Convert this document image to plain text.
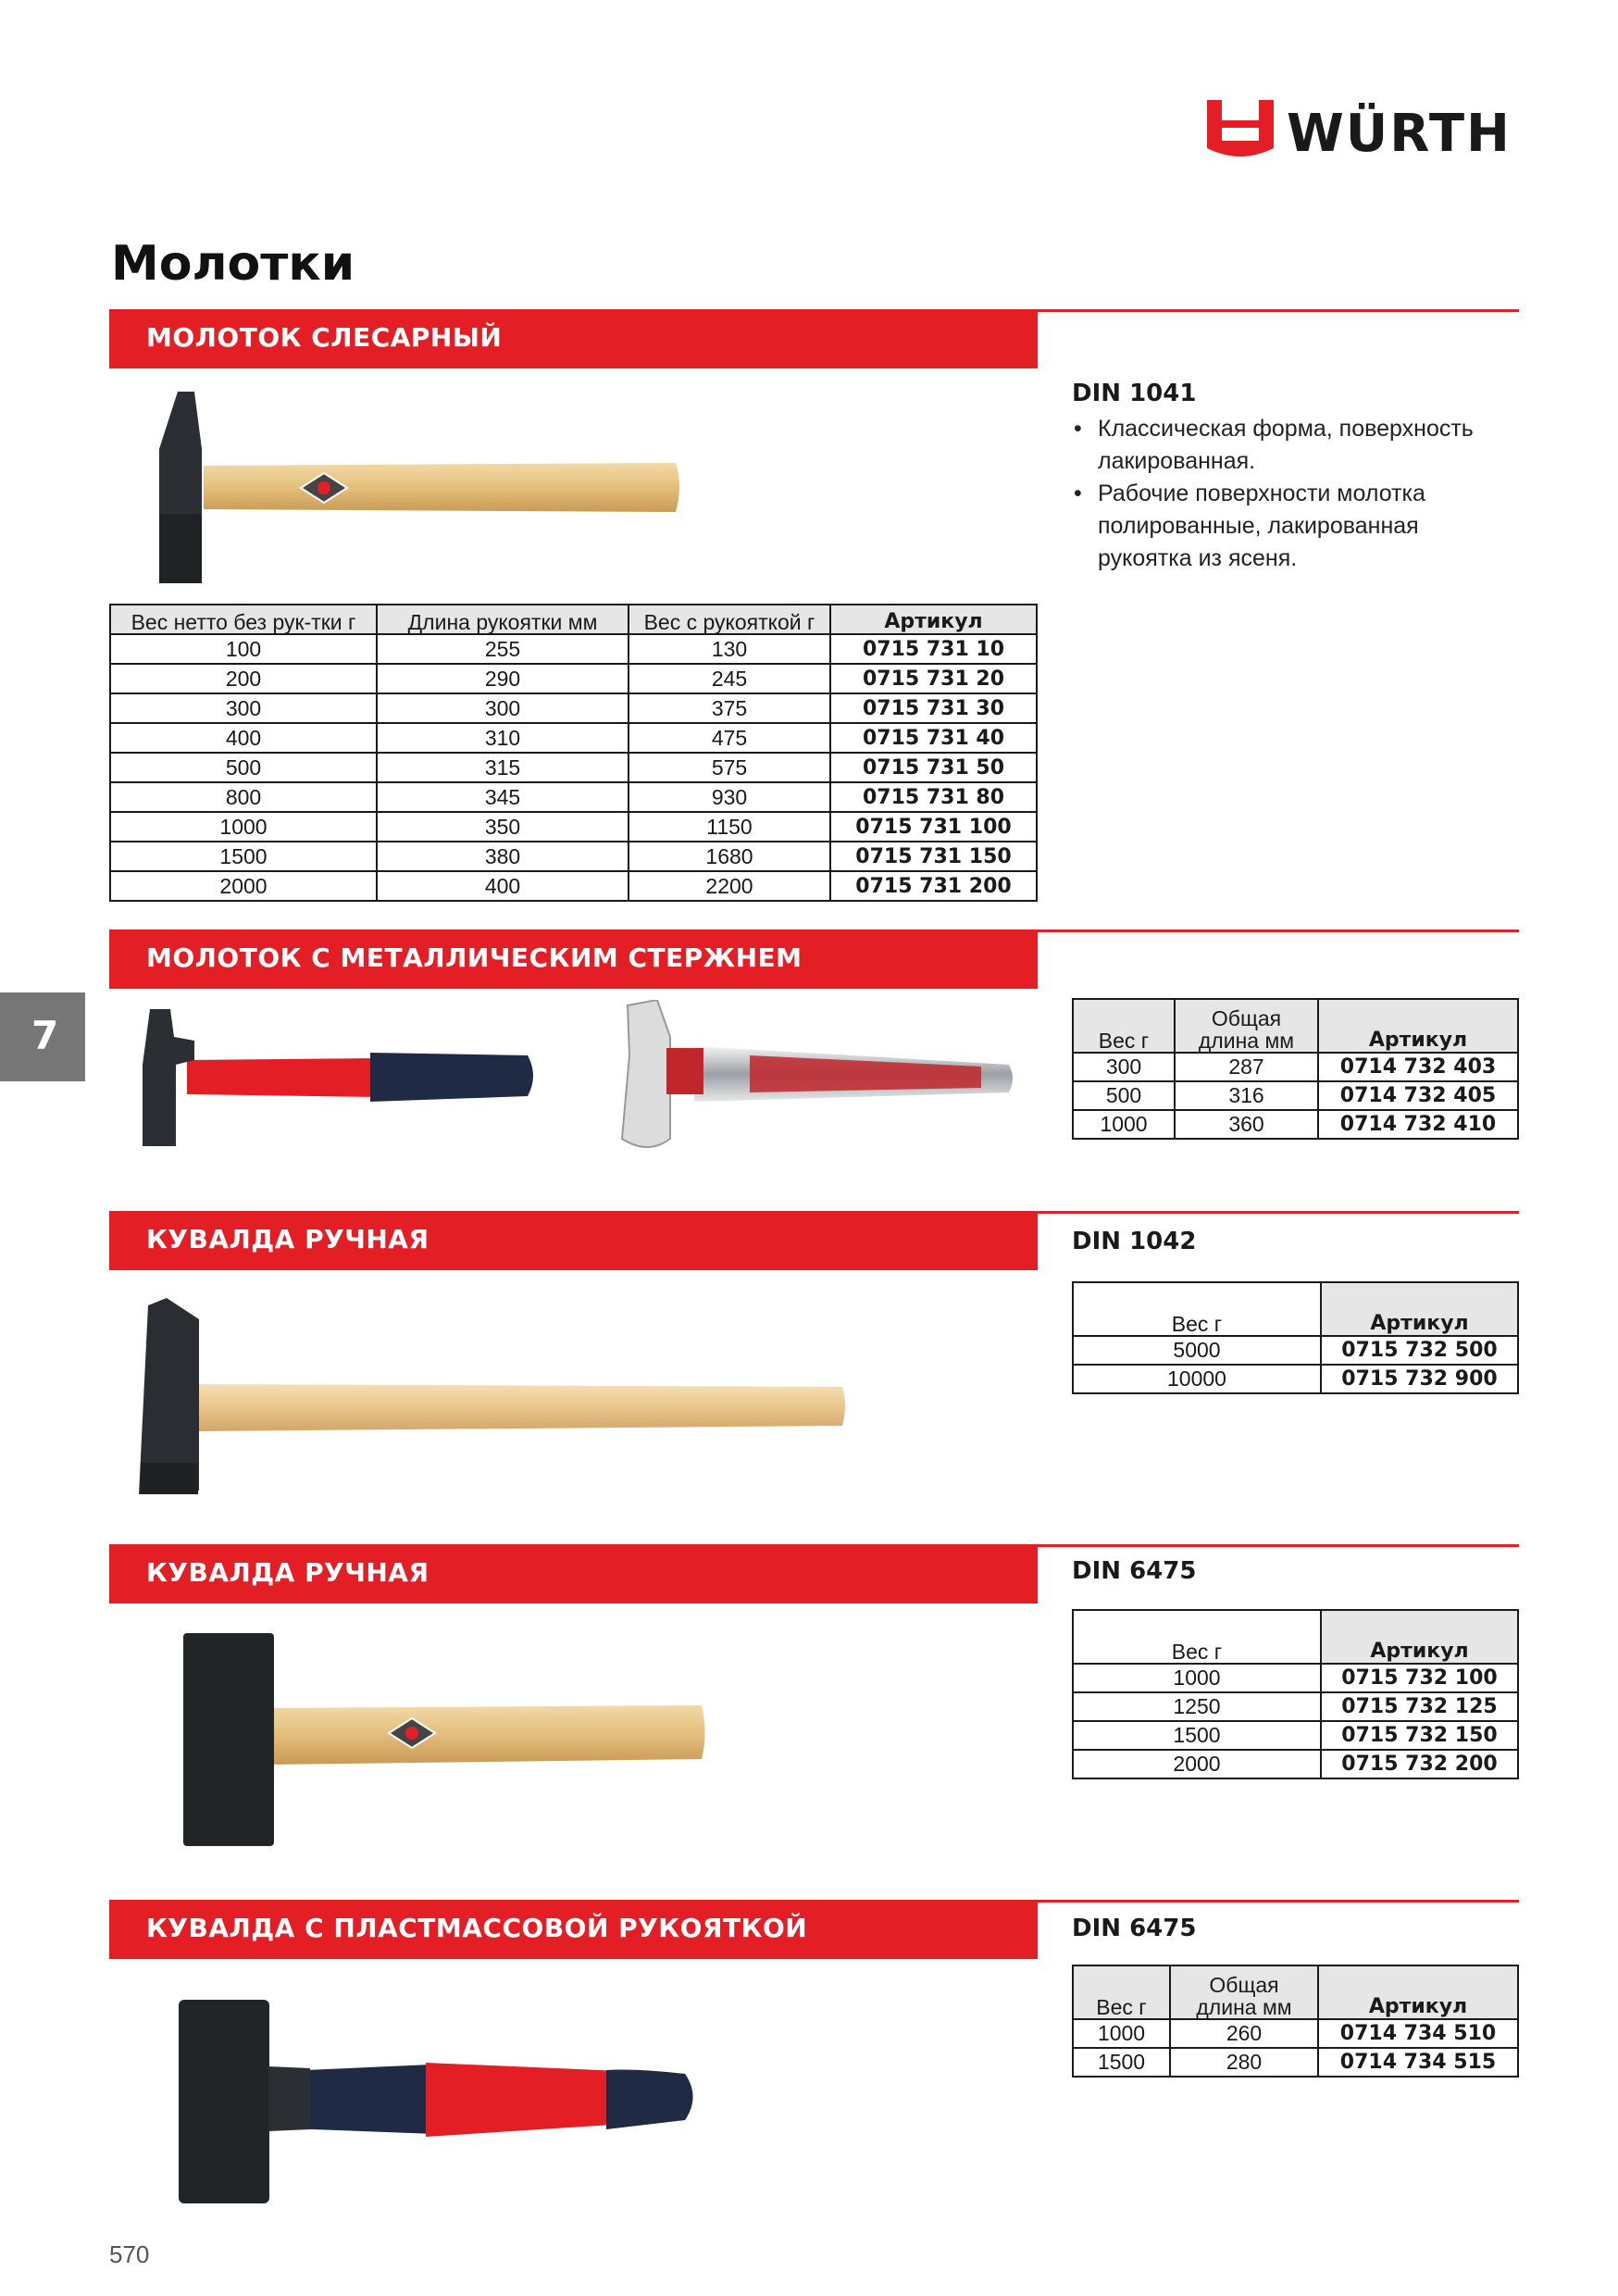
WÜRTH
Молотки
7
МОЛОТОК СЛЕСАРНЫЙ
DIN 1041
• Классическая форма, поверхность лакированная.
• Рабочие поверхности молотка полированные, лакированная рукоятка из ясеня.
Вес нетто без рук-тки г	Длина рукоятки мм	Вес с рукояткой г	Артикул
100	255	130	0715 731 10
200	290	245	0715 731 20
300	300	375	0715 731 30
400	310	475	0715 731 40
500	315	575	0715 731 50
800	345	930	0715 731 80
1000	350	1150	0715 731 100
1500	380	1680	0715 731 150
2000	400	2200	0715 731 200
МОЛОТОК С МЕТАЛЛИЧЕСКИМ СТЕРЖНЕМ
Вес г	Общая длина мм	Артикул
300	287	0714 732 403
500	316	0714 732 405
1000	360	0714 732 410
КУВАЛДА РУЧНАЯ	DIN 1042
Вес г	Артикул
5000	0715 732 500
10000	0715 732 900
КУВАЛДА РУЧНАЯ	DIN 6475
Вес г	Артикул
1000	0715 732 100
1250	0715 732 125
1500	0715 732 150
2000	0715 732 200
КУВАЛДА С ПЛАСТМАССОВОЙ РУКОЯТКОЙ	DIN 6475
Вес г	Общая длина мм	Артикул
1000	260	0714 734 510
1500	280	0714 734 515
570
